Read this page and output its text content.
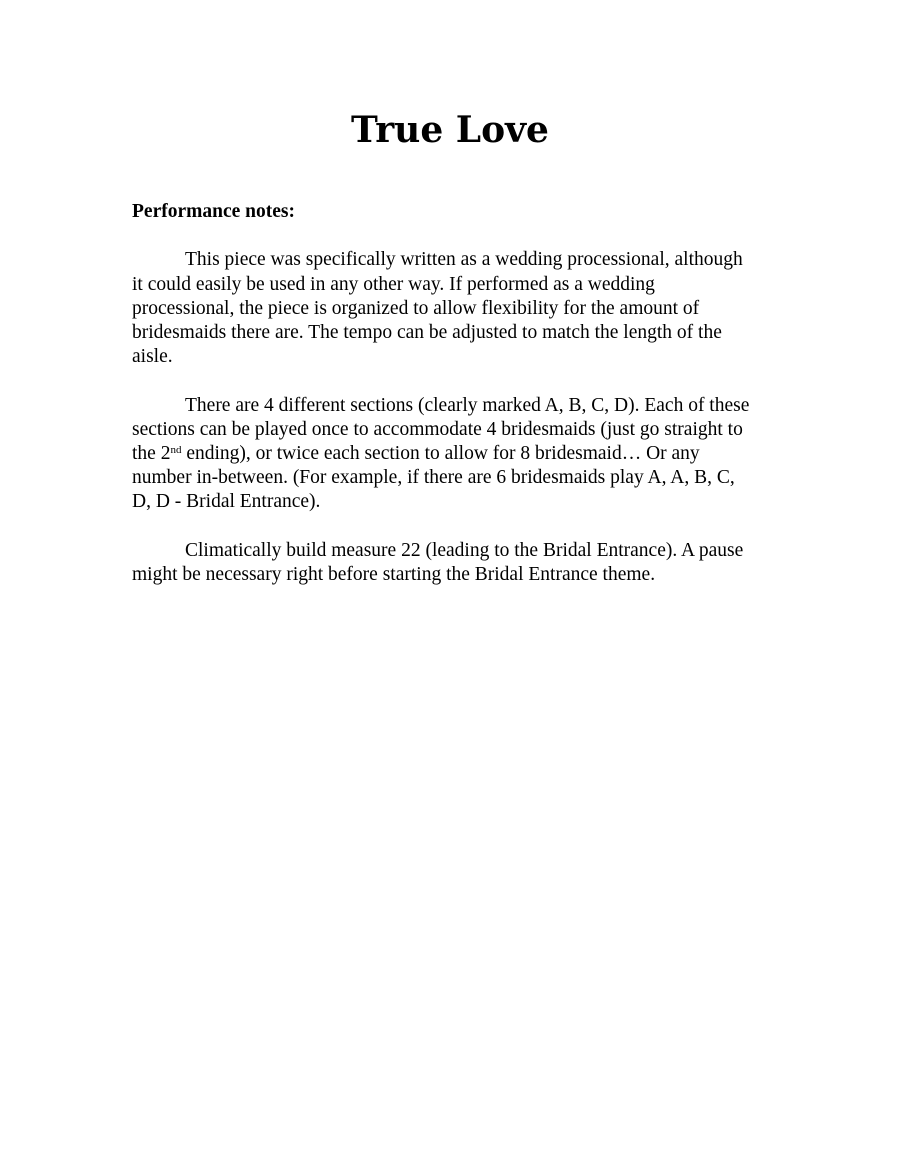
True Love

Performance notes:

This piece was specifically written as a wedding processional, although it could easily be used in any other way. If performed as a wedding processional, the piece is organized to allow flexibility for the amount of bridesmaids there are. The tempo can be adjusted to match the length of the aisle.

There are 4 different sections (clearly marked A, B, C, D). Each of these sections can be played once to accommodate 4 bridesmaids (just go straight to the 2nd ending), or twice each section to allow for 8 bridesmaid… Or any number in-between. (For example, if there are 6 bridesmaids play A, A, B, C, D, D - Bridal Entrance).

Climatically build measure 22 (leading to the Bridal Entrance). A pause might be necessary right before starting the Bridal Entrance theme.
